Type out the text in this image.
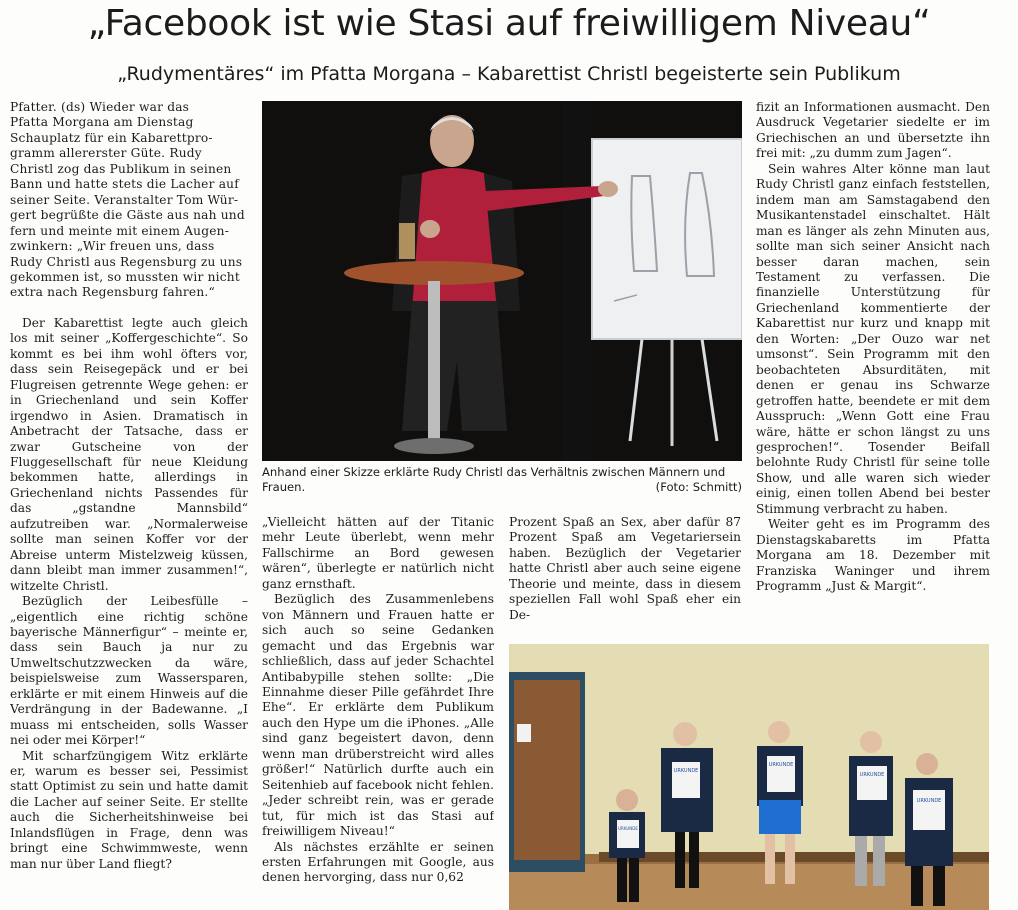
„Facebook ist wie Stasi auf freiwilligem Niveau“
„Rudymentäres“ im Pfatta Morgana – Kabarettist Christl begeisterte sein Publikum
Pfatter. (ds) Wieder war das
Pfatta Morgana am Dienstag
Schauplatz für ein Kabarettpro-
gramm allererster Güte. Rudy
Christl zog das Publikum in seinen
Bann und hatte stets die Lacher auf
seiner Seite. Veranstalter Tom Wür-
gert begrüßte die Gäste aus nah und
fern und meinte mit einem Augen-
zwinkern: „Wir freuen uns, dass
Rudy Christl aus Regensburg zu uns
gekommen ist, so mussten wir nicht
extra nach Regensburg fahren.“

Der Kabarettist legte auch gleich los mit seiner „Koffergeschichte“. So kommt es bei ihm wohl öfters vor, dass sein Reisegepäck und er bei Flugreisen getrennte Wege gehen: er in Griechenland und sein Koffer irgendwo in Asien. Dramatisch in Anbetracht der Tatsache, dass er zwar Gutscheine von der Fluggesellschaft für neue Kleidung bekommen hatte, allerdings in Griechenland nichts Passendes für das „gstandne Mannsbild“ aufzutreiben war. „Normalerweise sollte man seinen Koffer vor der Abreise unterm Mistelzweig küssen, dann bleibt man immer zusammen!“, witzelte Christl.

Bezüglich der Leibesfülle – „eigentlich eine richtig schöne bayerische Männerfigur“ – meinte er, dass sein Bauch ja nur zu Umweltschutzzwecken da wäre, beispielsweise zum Wassersparen, erklärte er mit einem Hinweis auf die Verdrängung in der Badewanne. „I muass mi entscheiden, solls Wasser nei oder mei Körper!“

Mit scharfzüngigem Witz erklärte er, warum es besser sei, Pessimist statt Optimist zu sein und hatte damit die Lacher auf seiner Seite. Er stellte auch die Sicherheitshinweise bei Inlandsflügen in Frage, denn was bringt eine Schwimmweste, wenn man nur über Land fliegt?

Anhand einer Skizze erklärte Rudy Christl das Verhältnis zwischen Männern und Frauen.	(Foto: Schmitt)

„Vielleicht hätten auf der Titanic mehr Leute überlebt, wenn mehr Fallschirme an Bord gewesen wären“, überlegte er natürlich nicht ganz ernsthaft.

Bezüglich des Zusammenlebens von Männern und Frauen hatte er sich auch so seine Gedanken gemacht und das Ergebnis war schließlich, dass auf jeder Schachtel Antibabypille stehen sollte: „Die Einnahme dieser Pille gefährdet Ihre Ehe“. Er erklärte dem Publikum auch den Hype um die iPhones. „Alle sind ganz begeistert davon, denn wenn man drüberstreicht wird alles größer!“ Natürlich durfte auch ein Seitenhieb auf facebook nicht fehlen. „Jeder schreibt rein, was er gerade tut, für mich ist das Stasi auf freiwilligem Niveau!“

Als nächstes erzählte er seinen ersten Erfahrungen mit Google, aus denen hervorging, dass nur 0,62

Prozent Spaß an Sex, aber dafür 87 Prozent Spaß am Vegetariersein haben. Bezüglich der Vegetarier hatte Christl aber auch seine eigene Theorie und meinte, dass in diesem speziellen Fall wohl Spaß eher ein De-

fizit an Informationen ausmacht. Den Ausdruck Vegetarier siedelte er im Griechischen an und übersetzte ihn frei mit: „zu dumm zum Jagen“.

Sein wahres Alter könne man laut Rudy Christl ganz einfach feststellen, indem man am Samstagabend den Musikantenstadel einschaltet. Hält man es länger als zehn Minuten aus, sollte man sich seiner Ansicht nach besser daran machen, sein Testament zu verfassen. Die finanzielle Unterstützung für Griechenland kommentierte der Kabarettist nur kurz und knapp mit den Worten: „Der Ouzo war net umsonst“. Sein Programm mit den beobachteten Absurditäten, mit denen er genau ins Schwarze getroffen hatte, beendete er mit dem Ausspruch: „Wenn Gott eine Frau wäre, hätte er schon längst zu uns gesprochen!“. Tosender Beifall belohnte Rudy Christl für seine tolle Show, und alle waren sich wieder einig, einen tollen Abend bei bester Stimmung verbracht zu haben.

Weiter geht es im Programm des Dienstagskabaretts im Pfatta Morgana am 18. Dezember mit Franziska Waninger und ihrem Programm „Just & Margit“.

URKUNDE
URKUNDE
URKUNDE
URKUNDE
URKUNDE
